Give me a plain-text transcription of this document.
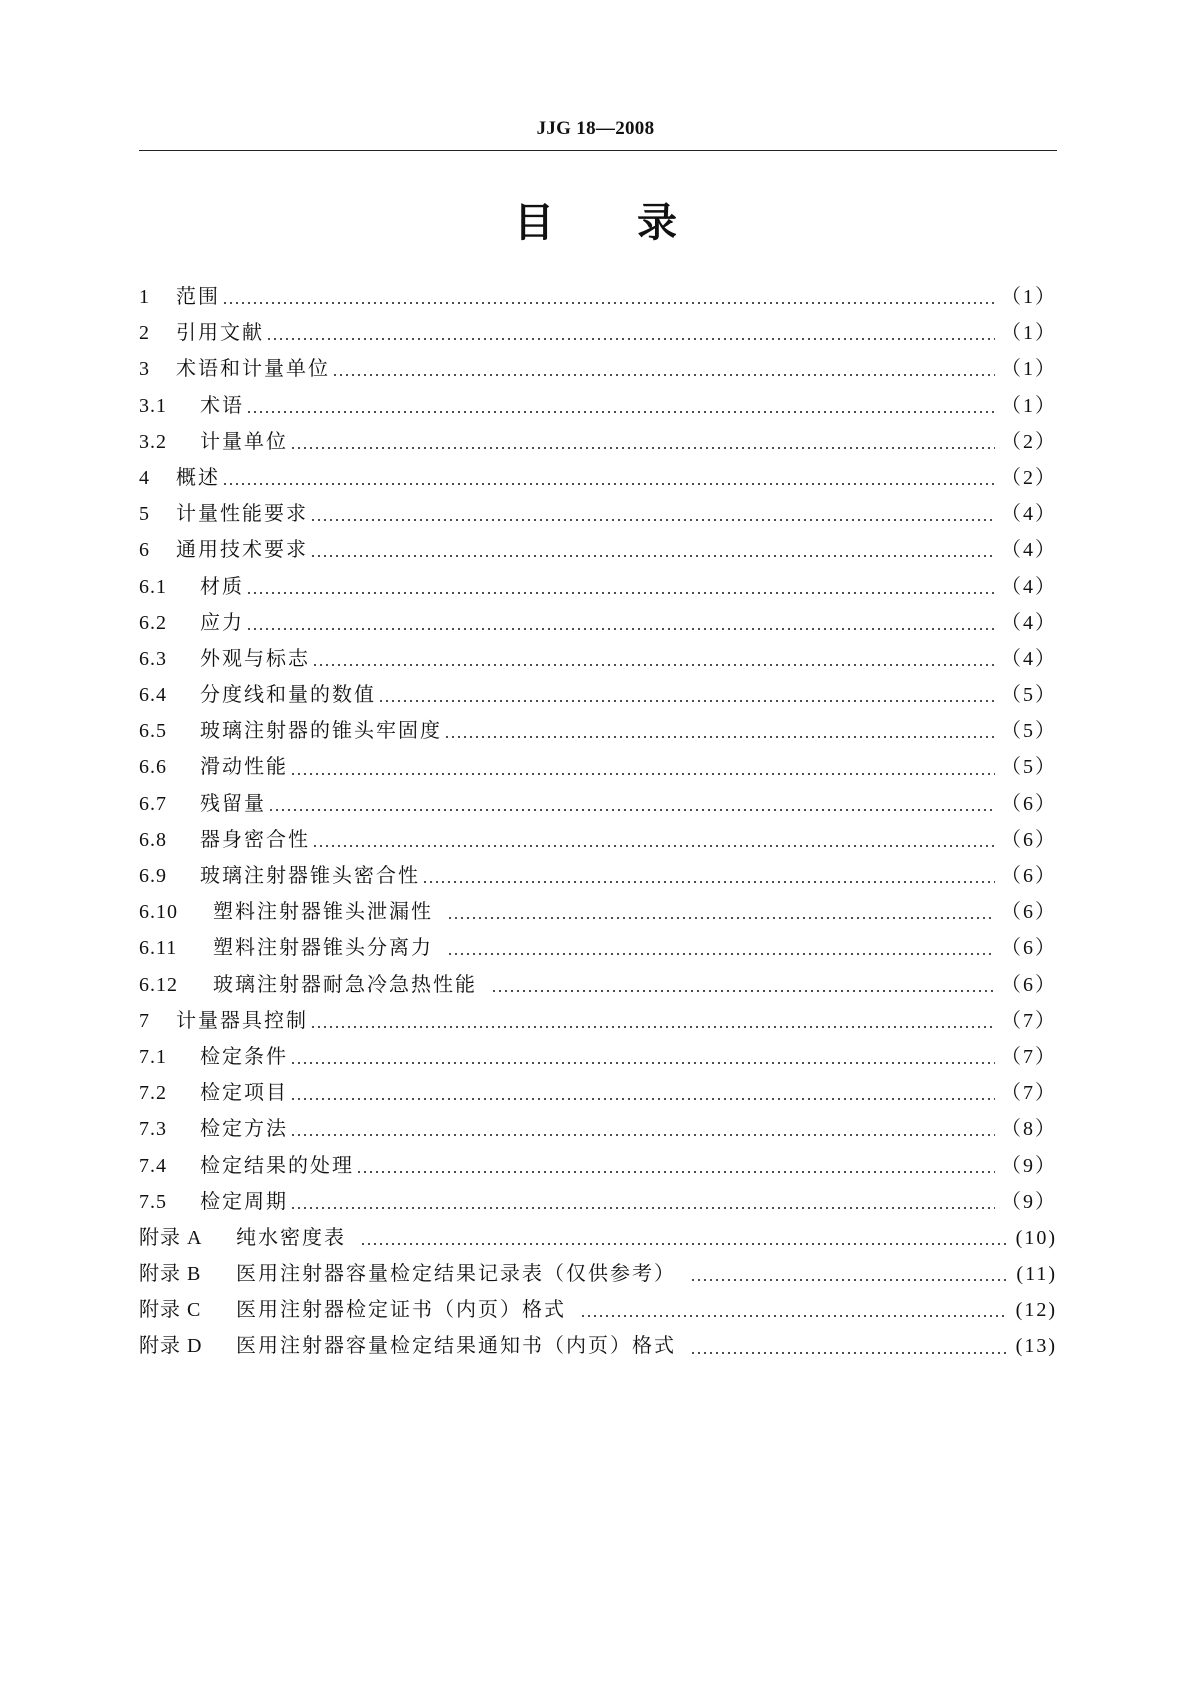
JJG 18—2008
目 录
1	范围	（1）
2	引用文献	（1）
3	术语和计量单位	（1）
3.1	术语	（1）
3.2	计量单位	（2）
4	概述	（2）
5	计量性能要求	（4）
6	通用技术要求	（4）
6.1	材质	（4）
6.2	应力	（4）
6.3	外观与标志	（4）
6.4	分度线和量的数值	（5）
6.5	玻璃注射器的锥头牢固度	（5）
6.6	滑动性能	（5）
6.7	残留量	（6）
6.8	器身密合性	（6）
6.9	玻璃注射器锥头密合性	（6）
6.10	塑料注射器锥头泄漏性	（6）
6.11	塑料注射器锥头分离力	（6）
6.12	玻璃注射器耐急冷急热性能	（6）
7	计量器具控制	（7）
7.1	检定条件	（7）
7.2	检定项目	（7）
7.3	检定方法	（8）
7.4	检定结果的处理	（9）
7.5	检定周期	（9）
附录 A	纯水密度表	(10)
附录 B	医用注射器容量检定结果记录表（仅供参考）	(11)
附录 C	医用注射器检定证书（内页）格式	(12)
附录 D	医用注射器容量检定结果通知书（内页）格式	(13)
